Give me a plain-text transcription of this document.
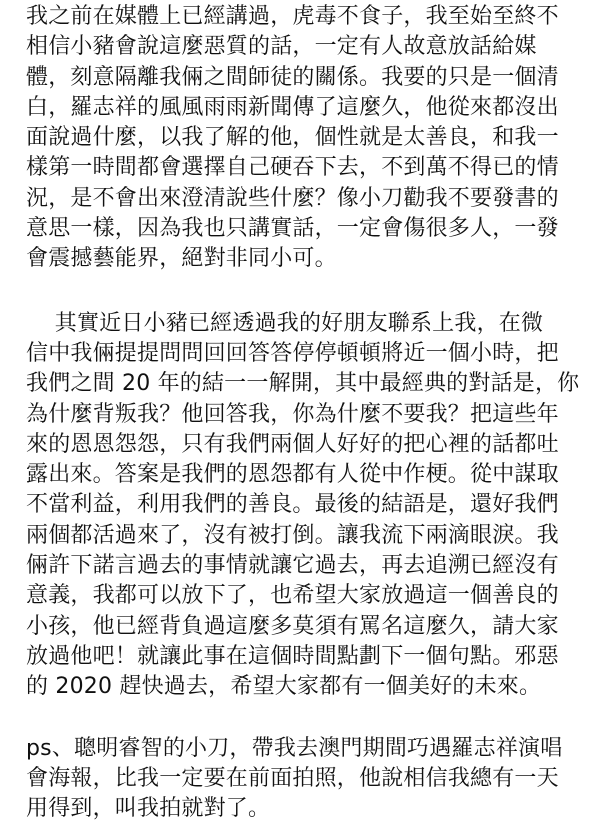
我之前在媒體上已經講過，虎毒不食子，我至始至終不
相信小豬會說這麼惡質的話，一定有人故意放話給媒
體，刻意隔離我倆之間師徒的關係。我要的只是一個清
白，羅志祥的風風雨雨新聞傳了這麼久，他從來都沒出
面說過什麼，以我了解的他，個性就是太善良，和我一
樣第一時間都會選擇自己硬吞下去，不到萬不得已的情
況，是不會出來澄清說些什麼？像小刀勸我不要發書的
意思一樣，因為我也只講實話，一定會傷很多人，一發
會震撼藝能界，絕對非同小可。
其實近日小豬已經透過我的好朋友聯系上我，在微
信中我倆提提問問回回答答停停頓頓將近一個小時，把
我們之間 20 年的結一一解開，其中最經典的對話是，你
為什麼背叛我？他回答我，你為什麼不要我？把這些年
來的恩恩怨怨，只有我們兩個人好好的把心裡的話都吐
露出來。答案是我們的恩怨都有人從中作梗。從中謀取
不當利益，利用我們的善良。最後的結語是，還好我們
兩個都活過來了，沒有被打倒。讓我流下兩滴眼淚。我
倆許下諾言過去的事情就讓它過去，再去追溯已經沒有
意義，我都可以放下了，也希望大家放過這一個善良的
小孩，他已經背負過這麼多莫須有罵名這麼久，請大家
放過他吧！就讓此事在這個時間點劃下一個句點。邪惡
的 2020 趕快過去，希望大家都有一個美好的未來。
ps、聰明睿智的小刀，帶我去澳門期間巧遇羅志祥演唱
會海報，比我一定要在前面拍照，他說相信我總有一天
用得到，叫我拍就對了。
